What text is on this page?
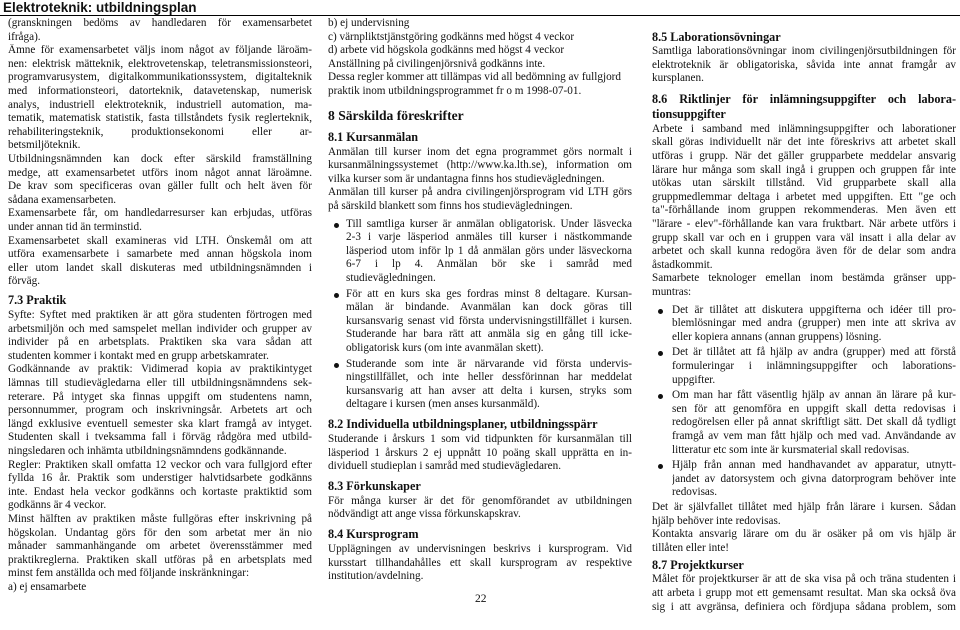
Elektroteknik: utbildningsplan
(granskningen bedöms av handledaren för examensarbetet
ifråga).
Ämne för examensarbetet väljs inom något av följande läroäm-
nen: elektrisk mätteknik, elektrovetenskap, teletransmissionsteori,
programvarusystem, digitalkommunikationssystem, digitalteknik
med informationsteori, datorteknik, datavetenskap, numerisk
analys, industriell elektroteknik, industriell automation, ma-
tematik, matematisk statistik, fasta tillståndets fysik reglerteknik,
rehabiliteringsteknik, produktionsekonomi eller ar-
betsmiljöteknik.
Utbildningsnämnden kan dock efter särskild framställning
medge, att examensarbetet utförs inom något annat läroämne.
De krav som specificeras ovan gäller fullt och helt även för
sådana examensarbeten.
Examensarbete får, om handledarresurser kan erbjudas, utföras
under annan tid än terminstid.
Examensarbetet skall examineras vid LTH. Önskemål om att
utföra examensarbete i samarbete med annan högskola inom
eller utom landet skall diskuteras med utbildningsnämnden i
förväg.
7.3 Praktik
Syfte: Syftet med praktiken är att göra studenten förtrogen med
arbetsmiljön och med samspelet mellan individer och grupper av
individer på en arbetsplats. Praktiken ska vara sådan att
studenten kommer i kontakt med en grupp arbetskamrater.
Godkännande av praktik: Vidimerad kopia av praktikintyget
lämnas till studievägledarna eller till utbildningsnämndens sek-
reterare. På intyget ska finnas uppgift om studentens namn,
personnummer, program och inskrivningsår. Arbetets art och
längd exklusive eventuell semester ska klart framgå av intyget.
Studenten skall i tveksamma fall i förväg rådgöra med utbild-
ningsledaren och inhämta utbildningsnämndens godkännande.
Regler: Praktiken skall omfatta 12 veckor och vara fullgjord efter
fyllda 16 år. Praktik som understiger halvtidsarbete godkänns
inte. Endast hela veckor godkänns och kortaste praktiktid som
godkänns är 4 veckor.
Minst hälften av praktiken måste fullgöras efter inskrivning på
högskolan. Undantag görs för den som arbetat mer än nio
månader sammanhängande om arbetet överensstämmer med
praktikreglerna. Praktiken skall utföras på en arbetsplats med
minst fem anställda och med följande inskränkningar:
a) ej ensamarbete
b) ej undervisning
c) värnpliktstjänstgöring godkänns med högst 4 veckor
d) arbete vid högskola godkänns med högst 4 veckor
Anställning på civilingenjörsnivå godkänns inte.
Dessa regler kommer att tillämpas vid all bedömning av fullgjord
praktik inom utbildningsprogrammet fr o m 1998-07-01.
8 Särskilda föreskrifter
8.1 Kursanmälan
Anmälan till kurser inom det egna programmet görs normalt i
kursanmälningssystemet (http://www.ka.lth.se), information om
vilka kurser som är undantagna finns hos studievägledningen.
Anmälan till kurser på andra civilingenjörsprogram vid LTH görs
på särskild blankett som finns hos studievägledningen.
Till samtliga kurser är anmälan obligatorisk. Under läsvecka
2-3 i varje läsperiod anmäles till kurser i nästkommande
läsperiod utom inför lp 1 då anmälan görs under läsveckorna
6-7 i lp 4. Anmälan bör ske i samråd med
studievägledningen.
För att en kurs ska ges fordras minst 8 deltagare. Kursan-
mälan är bindande. Avanmälan kan dock göras till
kursansvarig senast vid första undervisningstillfället i kursen.
Studerande har bara rätt att anmäla sig en gång till icke-
obligatorisk kurs (om inte avanmälan skett).
Studerande som inte är närvarande vid första undervis-
ningstillfället, och inte heller dessförinnan har meddelat
kursansvarig att han avser att delta i kursen, stryks som
deltagare i kursen (men anses kursanmäld).
8.2 Individuella utbildningsplaner, utbildningsspärr
Studerande i årskurs 1 som vid tidpunkten för kursanmälan till
läsperiod 1 årskurs 2 ej uppnått 10 poäng skall upprätta en in-
dividuell studieplan i samråd med studievägledaren.
8.3 Förkunskaper
För många kurser är det för genomförandet av utbildningen
nödvändigt att ange vissa förkunskapskrav.
8.4 Kursprogram
Upplägningen av undervisningen beskrivs i kursprogram. Vid
kursstart tillhandahålles ett skall kursprogram av respektive
institution/avdelning.
8.5 Laborationsövningar
Samtliga laborationsövningar inom civilingenjörsutbildningen för
elektroteknik är obligatoriska, såvida inte annat framgår av
kursplanen.
8.6 Riktlinjer för inlämningsuppgifter och labora-
tionsuppgifter
Arbete i samband med inlämningsuppgifter och laborationer
skall göras individuellt när det inte föreskrivs att arbetet skall
utföras i grupp. När det gäller grupparbete meddelar ansvarig
lärare hur många som skall ingå i gruppen och gruppen får inte
utökas utan särskilt tillstånd. Vid grupparbete skall alla
gruppmedlemmar deltaga i arbetet med uppgiften. Ett "ge och
ta"-förhållande inom gruppen rekommenderas. Men även ett
"lärare - elev"-förhållande kan vara fruktbart. När arbete utförs i
grupp skall var och en i gruppen vara väl insatt i alla delar av
arbetet och skall kunna redogöra även för de delar som andra
åstadkommit.
Samarbete teknologer emellan inom bestämda gränser upp-
muntras:
Det är tillåtet att diskutera uppgifterna och idéer till pro-
blemlösningar med andra (grupper) men inte att skriva av
eller kopiera annans (annan gruppens) lösning.
Det är tillåtet att få hjälp av andra (grupper) med att förstå
formuleringar i inlämningsuppgifter och laborations-
uppgifter.
Om man har fått väsentlig hjälp av annan än lärare på kur-
sen för att genomföra en uppgift skall detta redovisas i
redogörelsen eller på annat skriftligt sätt. Det skall då tydligt
framgå av vem man fått hjälp och med vad. Användande av
litteratur etc som inte är kursmaterial skall redovisas.
Hjälp från annan med handhavandet av apparatur, utnytt-
jandet av datorsystem och givna datorprogram behöver inte
redovisas.
Det är självfallet tillåtet med hjälp från lärare i kursen. Sådan
hjälp behöver inte redovisas.
Kontakta ansvarig lärare om du är osäker på om vis hjälp är
tillåten eller inte!
8.7 Projektkurser
Målet för projektkurser är att de ska visa på och träna studenten i
att arbeta i grupp mot ett gemensamt resultat. Man ska också öva
sig i att avgränsa, definiera och fördjupa sådana problem, som
22
